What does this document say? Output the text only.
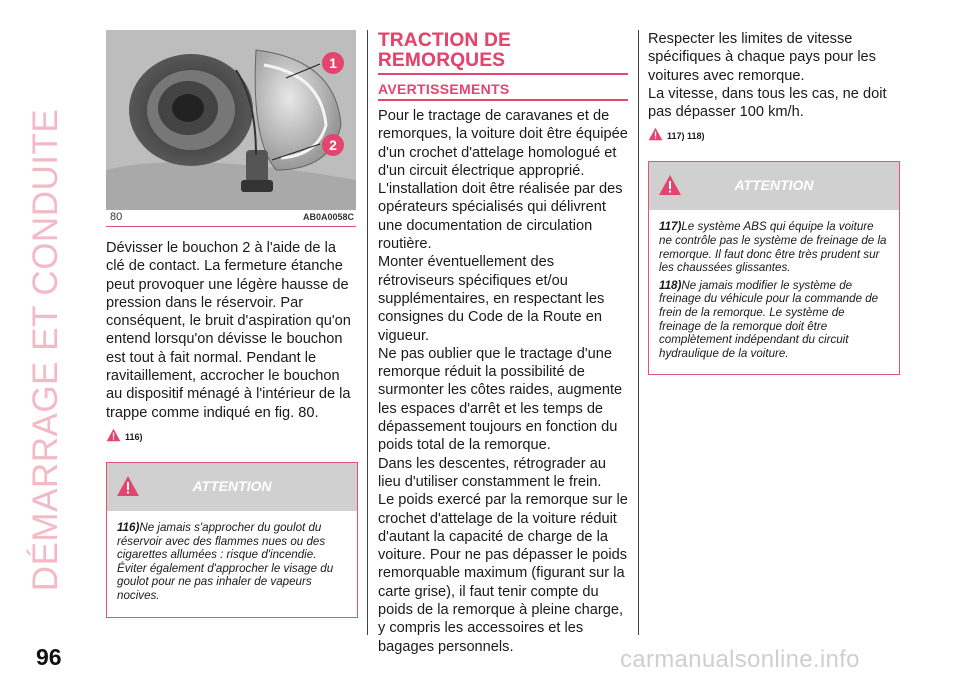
DÉMARRAGE ET CONDUITE
1
2
80	AB0A0058C

Dévisser le bouchon 2 à l'aide de la clé de contact. La fermeture étanche peut provoquer une légère hausse de pression dans le réservoir. Par conséquent, le bruit d'aspiration qu'on entend lorsqu'on dévisse le bouchon est tout à fait normal. Pendant le ravitaillement, accrocher le bouchon au dispositif ménagé à l'intérieur de la trappe comme indiqué en fig. 80.

116)
ATTENTION

116)Ne jamais s'approcher du goulot du réservoir avec des flammes nues ou des cigarettes allumées : risque d'incendie. Éviter également d'approcher le visage du goulot pour ne pas inhaler de vapeurs nocives.

TRACTION DE
REMORQUES
AVERTISSEMENTS

Pour le tractage de caravanes et de remorques, la voiture doit être équipée d'un crochet d'attelage homologué et d'un circuit électrique approprié. L'installation doit être réalisée par des opérateurs spécialisés qui délivrent une documentation de circulation routière.

Monter éventuellement des rétroviseurs spécifiques et/ou supplémentaires, en respectant les consignes du Code de la Route en vigueur.

Ne pas oublier que le tractage d'une remorque réduit la possibilité de surmonter les côtes raides, augmente les espaces d'arrêt et les temps de dépassement toujours en fonction du poids total de la remorque.

Dans les descentes, rétrograder au lieu d'utiliser constamment le frein.

Le poids exercé par la remorque sur le crochet d'attelage de la voiture réduit d'autant la capacité de charge de la voiture. Pour ne pas dépasser le poids remorquable maximum (figurant sur la carte grise), il faut tenir compte du poids de la remorque à pleine charge, y compris les accessoires et les bagages personnels.

Respecter les limites de vitesse spécifiques à chaque pays pour les voitures avec remorque.

La vitesse, dans tous les cas, ne doit pas dépasser 100 km/h.

117) 118)
ATTENTION

117)Le système ABS qui équipe la voiture ne contrôle pas le système de freinage de la remorque. Il faut donc être très prudent sur les chaussées glissantes.

118)Ne jamais modifier le système de freinage du véhicule pour la commande de frein de la remorque. Le système de freinage de la remorque doit être complètement indépendant du circuit hydraulique de la voiture.

96	carmanualsonline.info
